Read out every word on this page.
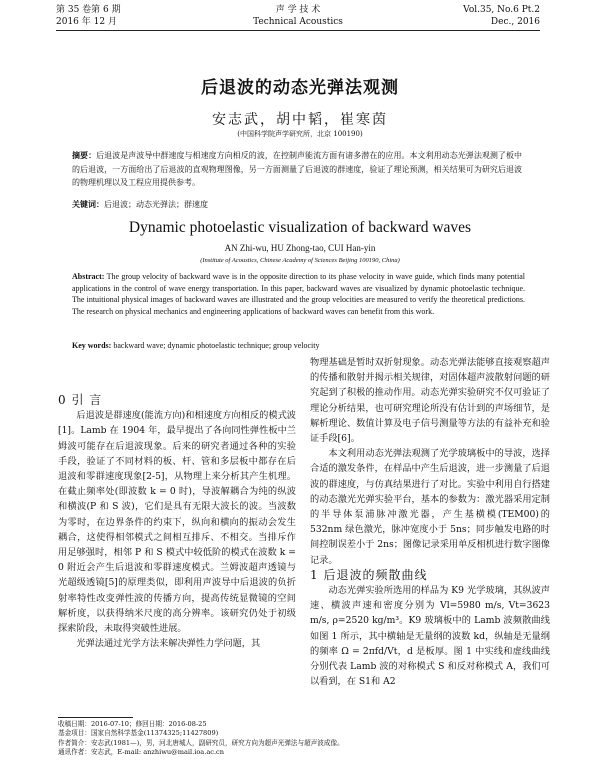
第 35 卷第 6 期
2016 年 12 月
声 学 技 术
Technical Acoustics
Vol.35, No.6 Pt.2
Dec., 2016
后退波的动态光弹法观测
安志武，胡中韬，崔寒茵
(中国科学院声学研究所，北京 100190)
摘要：后退波是声波导中群速度与相速度方向相反的波，在控制声能流方面有诸多潜在的应用。本文利用动态光弹法观测了板中的后退波，一方面给出了后退波的直观物理图像，另一方面测量了后退波的群速度，验证了理论预测，相关结果可为研究后退波的物理机理以及工程应用提供参考。
关键词：后退波；动态光弹法；群速度
Dynamic photoelastic visualization of backward waves
AN Zhi-wu, HU Zhong-tao, CUI Han-yin
(Institute of Acoustics, Chinese Academy of Sciences Beijing 100190, China)
Abstract: The group velocity of backward wave is in the opposite direction to its phase velocity in wave guide, which finds many potential applications in the control of wave energy transportation. In this paper, backward waves are visualized by dynamic photoelastic technique. The intuitional physical images of backward waves are illustrated and the group velocities are measured to verify the theoretical predictions. The research on physical mechanics and engineering applications of backward waves can benefit from this work.
Key words: backward wave; dynamic photoelastic technique; group velocity

0 引 言

后退波是群速度(能流方向)和相速度方向相反的模式波[1]。Lamb 在 1904 年，最早提出了各向同性弹性板中兰姆波可能存在后退波现象。后来的研究者通过各种的实验手段，验证了不同材料的板、杆、管和多层板中都存在后退波和零群速度现象[2-5]，从物理上来分析其产生机理。在截止频率处(即波数 k = 0 时)，导波解耦合为纯的纵波和横波(P 和 S 波)，它们是具有无限大波长的波。当波数为零时，在边界条件的约束下，纵向和横向的振动会发生耦合，这使得相邻模式之间相互排斥、不相交。当排斥作用足够强时，相邻 P 和 S 模式中较低阶的模式在波数 k = 0 附近会产生后退波和零群速度模式。兰姆波超声透镜与光超级透镜[5]的原理类似，即利用声波导中后退波的负折射率特性改变弹性波的传播方向，提高传统显微镜的空间解析度，以获得纳米尺度的高分辨率。该研究仍处于初级探索阶段，未取得突破性进展。

光弹法通过光学方法来解决弹性力学问题，其

物理基础是暂时双折射现象。动态光弹法能够直接观察超声的传播和散射并揭示相关规律，对固体超声波散射问题的研究起到了积极的推动作用。动态光弹实验研究不仅可验证了理论分析结果，也可研究理论所没有估计到的声场细节，是解析理论、数值计算及电子信号测量等方法的有益补充和验证手段[6]。

本文利用动态光弹法观测了光学玻璃板中的导波，选择合适的激发条件，在样品中产生后退波，进一步测量了后退波的群速度，与仿真结果进行了对比。实验中利用自行搭建的动态激光光弹实验平台，基本的参数为：激光器采用定制的半导体泵浦脉冲激光器，产生基横模(TEM00)的 532nm 绿色激光，脉冲宽度小于 5ns；同步触发电路的时间控制误差小于 2ns；图像记录采用单反相机进行数字图像记录。

1 后退波的频散曲线

动态光弹实验所选用的样品为 K9 光学玻璃，其纵波声速、横波声速和密度分别为 Vl=5980 m/s, Vt=3623 m/s, ρ=2520 kg/m³。K9 玻璃板中的 Lamb 波频散曲线如图 1 所示，其中横轴是无量纲的波数 kd，纵轴是无量纲的频率 Ω = 2πfd/Vt，d 是板厚。图 1 中实线和虚线曲线分别代表 Lamb 波的对称模式 S 和反对称模式 A，我们可以看到，在 S1和 A2

收稿日期：2016-07-10；修回日期：2016-08-25
基金项目：国家自然科学基金(11374325;11427809)
作者简介：安志武(1981—)，男，河北唐城人，副研究员，研究方向为超声光弹法与超声波成像。
通讯作者：安志武，E-mail: anzhiwu@mail.ioa.ac.cn
